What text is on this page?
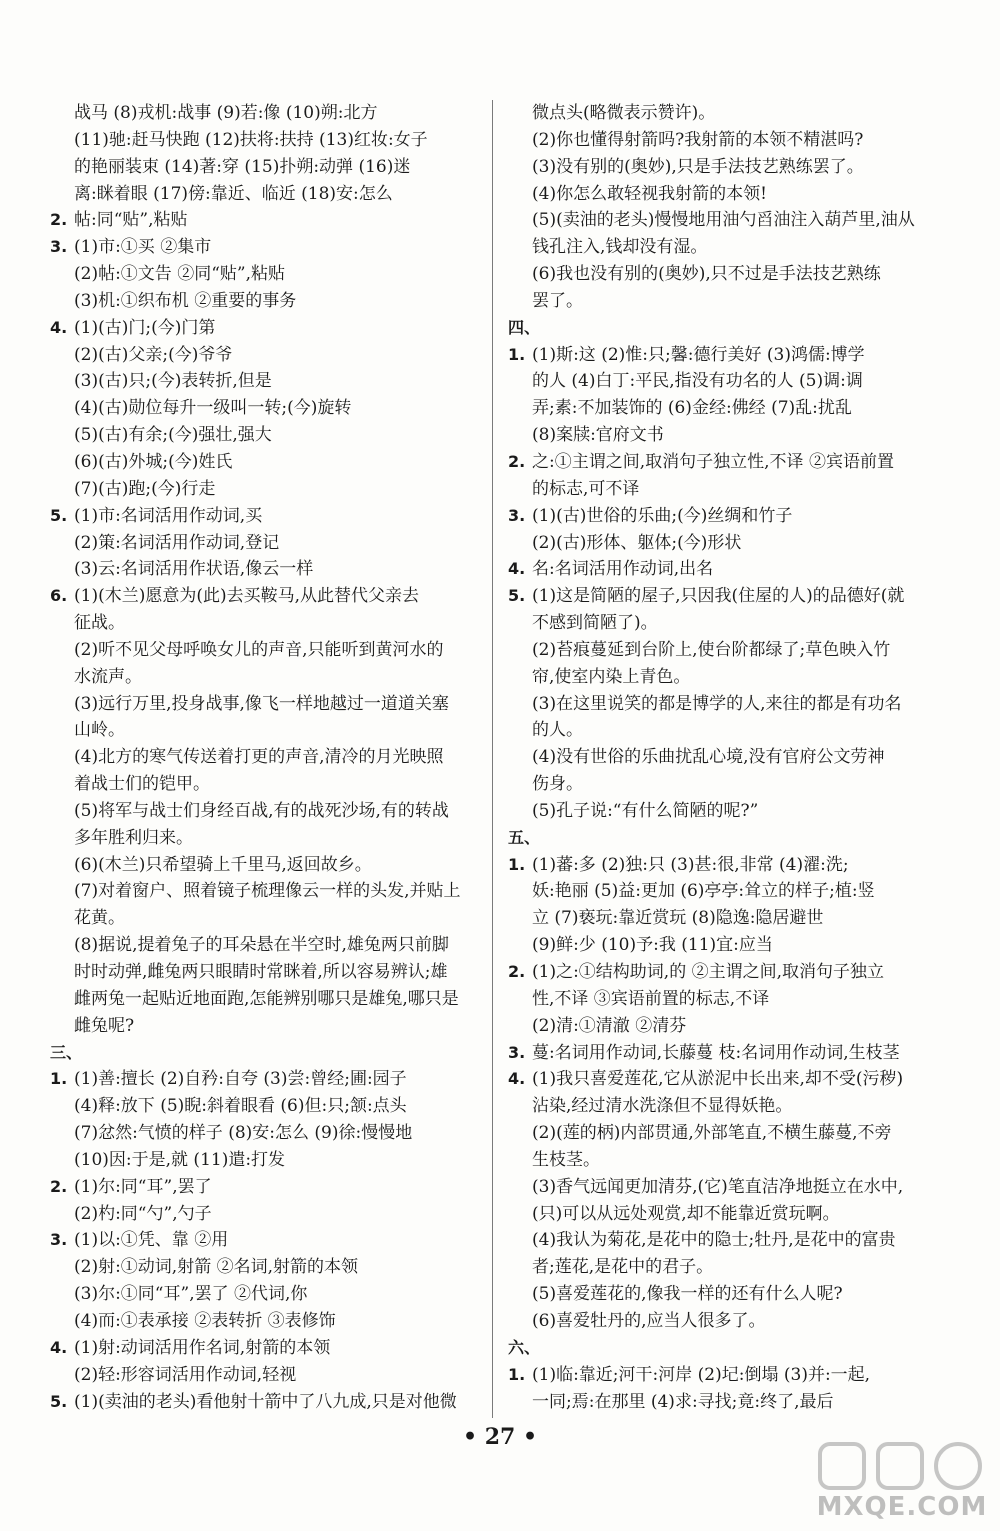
战马 (8)戎机:战事 (9)若:像 (10)朔:北方
(11)驰:赶马快跑 (12)扶将:扶持 (13)红妆:女子
的艳丽装束 (14)著:穿 (15)扑朔:动弹 (16)迷
离:眯着眼 (17)傍:靠近、临近 (18)安:怎么
2. 帖:同“贴”,粘贴
3. (1)市:①买 ②集市
(2)帖:①文告 ②同“贴”,粘贴
(3)机:①织布机 ②重要的事务
4. (1)(古)门;(今)门第
(2)(古)父亲;(今)爷爷
(3)(古)只;(今)表转折,但是
(4)(古)勋位每升一级叫一转;(今)旋转
(5)(古)有余;(今)强壮,强大
(6)(古)外城;(今)姓氏
(7)(古)跑;(今)行走
5. (1)市:名词活用作动词,买
(2)策:名词活用作动词,登记
(3)云:名词活用作状语,像云一样
6. (1)(木兰)愿意为(此)去买鞍马,从此替代父亲去
征战。
(2)听不见父母呼唤女儿的声音,只能听到黄河水的
水流声。
(3)远行万里,投身战事,像飞一样地越过一道道关塞
山岭。
(4)北方的寒气传送着打更的声音,清冷的月光映照
着战士们的铠甲。
(5)将军与战士们身经百战,有的战死沙场,有的转战
多年胜利归来。
(6)(木兰)只希望骑上千里马,返回故乡。
(7)对着窗户、照着镜子梳理像云一样的头发,并贴上
花黄。
(8)据说,提着兔子的耳朵悬在半空时,雄兔两只前脚
时时动弹,雌兔两只眼睛时常眯着,所以容易辨认;雄
雌两兔一起贴近地面跑,怎能辨别哪只是雄兔,哪只是
雌兔呢?
三、
1. (1)善:擅长 (2)自矜:自夸 (3)尝:曾经;圃:园子
(4)释:放下 (5)睨:斜着眼看 (6)但:只;颔:点头
(7)忿然:气愤的样子 (8)安:怎么 (9)徐:慢慢地
(10)因:于是,就 (11)遣:打发
2. (1)尔:同“耳”,罢了
(2)杓:同“勺”,勺子
3. (1)以:①凭、靠 ②用
(2)射:①动词,射箭 ②名词,射箭的本领
(3)尔:①同“耳”,罢了 ②代词,你
(4)而:①表承接 ②表转折 ③表修饰
4. (1)射:动词活用作名词,射箭的本领
(2)轻:形容词活用作动词,轻视
5. (1)(卖油的老头)看他射十箭中了八九成,只是对他微
微点头(略微表示赞许)。
(2)你也懂得射箭吗?我射箭的本领不精湛吗?
(3)没有别的(奥妙),只是手法技艺熟练罢了。
(4)你怎么敢轻视我射箭的本领!
(5)(卖油的老头)慢慢地用油勺舀油注入葫芦里,油从
钱孔注入,钱却没有湿。
(6)我也没有别的(奥妙),只不过是手法技艺熟练
罢了。
四、
1. (1)斯:这 (2)惟:只;馨:德行美好 (3)鸿儒:博学
的人 (4)白丁:平民,指没有功名的人 (5)调:调
弄;素:不加装饰的 (6)金经:佛经 (7)乱:扰乱
(8)案牍:官府文书
2. 之:①主谓之间,取消句子独立性,不译 ②宾语前置
的标志,可不译
3. (1)(古)世俗的乐曲;(今)丝绸和竹子
(2)(古)形体、躯体;(今)形状
4. 名:名词活用作动词,出名
5. (1)这是简陋的屋子,只因我(住屋的人)的品德好(就
不感到简陋了)。
(2)苔痕蔓延到台阶上,使台阶都绿了;草色映入竹
帘,使室内染上青色。
(3)在这里说笑的都是博学的人,来往的都是有功名
的人。
(4)没有世俗的乐曲扰乱心境,没有官府公文劳神
伤身。
(5)孔子说:“有什么简陋的呢?”
五、
1. (1)蕃:多 (2)独:只 (3)甚:很,非常 (4)濯:洗;
妖:艳丽 (5)益:更加 (6)亭亭:耸立的样子;植:竖
立 (7)亵玩:靠近赏玩 (8)隐逸:隐居避世
(9)鲜:少 (10)予:我 (11)宜:应当
2. (1)之:①结构助词,的 ②主谓之间,取消句子独立
性,不译 ③宾语前置的标志,不译
(2)清:①清澈 ②清芬
3. 蔓:名词用作动词,长藤蔓 枝:名词用作动词,生枝茎
4. (1)我只喜爱莲花,它从淤泥中长出来,却不受(污秽)
沾染,经过清水洗涤但不显得妖艳。
(2)(莲的柄)内部贯通,外部笔直,不横生藤蔓,不旁
生枝茎。
(3)香气远闻更加清芬,(它)笔直洁净地挺立在水中,
(只)可以从远处观赏,却不能靠近赏玩啊。
(4)我认为菊花,是花中的隐士;牡丹,是花中的富贵
者;莲花,是花中的君子。
(5)喜爱莲花的,像我一样的还有什么人呢?
(6)喜爱牡丹的,应当人很多了。
六、
1. (1)临:靠近;河干:河岸 (2)圮:倒塌 (3)并:一起,
一同;焉:在那里 (4)求:寻找;竟:终了,最后
• 27 •
MXQE.COM
